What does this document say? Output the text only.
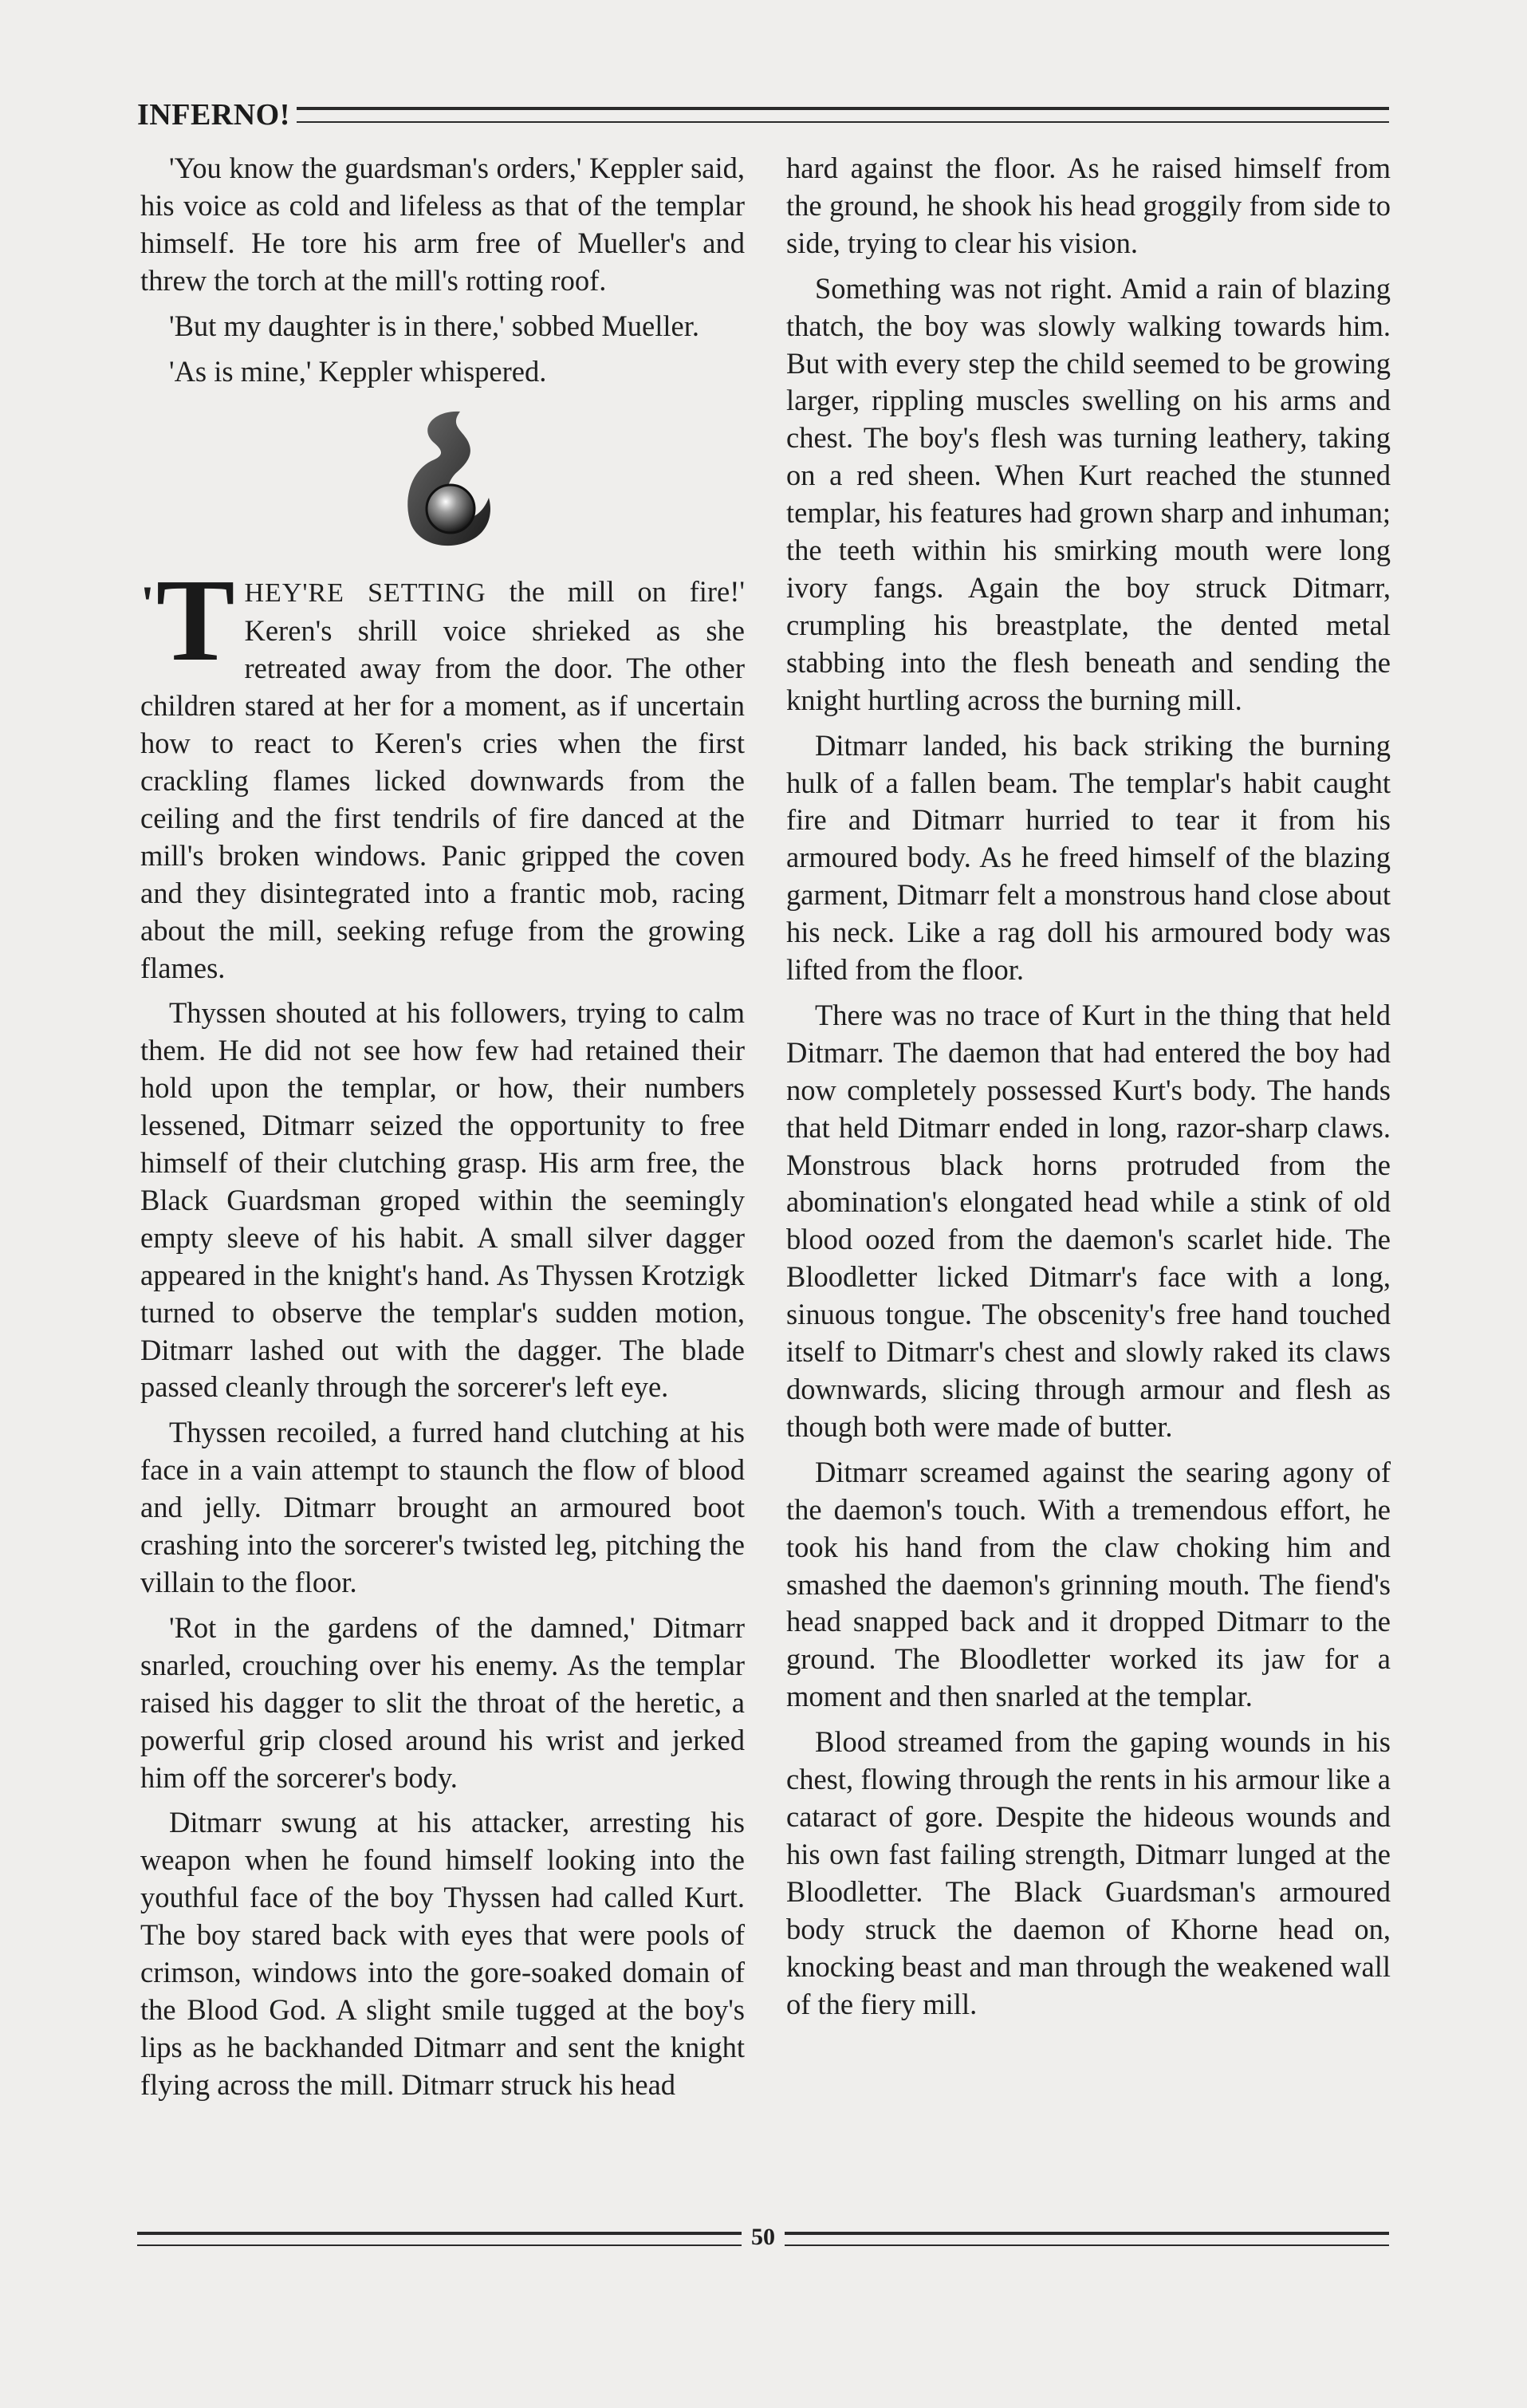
INFERNO!

'You know the guardsman's orders,' Keppler said, his voice as cold and lifeless as that of the templar himself. He tore his arm free of Mueller's and threw the torch at the mill's rotting roof.

'But my daughter is in there,' sobbed Mueller.

'As is mine,' Keppler whispered.

' T HEY'RE SETTING the mill on fire!' Keren's shrill voice shrieked as she retreated away from the door. The other children stared at her for a moment, as if uncertain how to react to Keren's cries when the first crackling flames licked downwards from the ceiling and the first tendrils of fire danced at the mill's broken windows. Panic gripped the coven and they disintegrated into a frantic mob, racing about the mill, seeking refuge from the growing flames.

Thyssen shouted at his followers, trying to calm them. He did not see how few had retained their hold upon the templar, or how, their numbers lessened, Ditmarr seized the opportunity to free himself of their clutching grasp. His arm free, the Black Guardsman groped within the seemingly empty sleeve of his habit. A small silver dagger appeared in the knight's hand. As Thyssen Krotzigk turned to observe the templar's sudden motion, Ditmarr lashed out with the dagger. The blade passed cleanly through the sorcerer's left eye.

Thyssen recoiled, a furred hand clutching at his face in a vain attempt to staunch the flow of blood and jelly. Ditmarr brought an armoured boot crashing into the sorcerer's twisted leg, pitching the villain to the floor.

'Rot in the gardens of the damned,' Ditmarr snarled, crouching over his enemy. As the templar raised his dagger to slit the throat of the heretic, a powerful grip closed around his wrist and jerked him off the sorcerer's body.

Ditmarr swung at his attacker, arresting his weapon when he found himself looking into the youthful face of the boy Thyssen had called Kurt. The boy stared back with eyes that were pools of crimson, windows into the gore-soaked domain of the Blood God. A slight smile tugged at the boy's lips as he backhanded Ditmarr and sent the knight flying across the mill. Ditmarr struck his head

hard against the floor. As he raised himself from the ground, he shook his head groggily from side to side, trying to clear his vision.

Something was not right. Amid a rain of blazing thatch, the boy was slowly walking towards him. But with every step the child seemed to be growing larger, rippling muscles swelling on his arms and chest. The boy's flesh was turning leathery, taking on a red sheen. When Kurt reached the stunned templar, his features had grown sharp and inhuman; the teeth within his smirking mouth were long ivory fangs. Again the boy struck Ditmarr, crumpling his breastplate, the dented metal stabbing into the flesh beneath and sending the knight hurtling across the burning mill.

Ditmarr landed, his back striking the burning hulk of a fallen beam. The templar's habit caught fire and Ditmarr hurried to tear it from his armoured body. As he freed himself of the blazing garment, Ditmarr felt a monstrous hand close about his neck. Like a rag doll his armoured body was lifted from the floor.

There was no trace of Kurt in the thing that held Ditmarr. The daemon that had entered the boy had now completely possessed Kurt's body. The hands that held Ditmarr ended in long, razor-sharp claws. Monstrous black horns protruded from the abomination's elongated head while a stink of old blood oozed from the daemon's scarlet hide. The Bloodletter licked Ditmarr's face with a long, sinuous tongue. The obscenity's free hand touched itself to Ditmarr's chest and slowly raked its claws downwards, slicing through armour and flesh as though both were made of butter.

Ditmarr screamed against the searing agony of the daemon's touch. With a tremendous effort, he took his hand from the claw choking him and smashed the daemon's grinning mouth. The fiend's head snapped back and it dropped Ditmarr to the ground. The Bloodletter worked its jaw for a moment and then snarled at the templar.

Blood streamed from the gaping wounds in his chest, flowing through the rents in his armour like a cataract of gore. Despite the hideous wounds and his own fast failing strength, Ditmarr lunged at the Bloodletter. The Black Guardsman's armoured body struck the daemon of Khorne head on, knocking beast and man through the weakened wall of the fiery mill.

50
